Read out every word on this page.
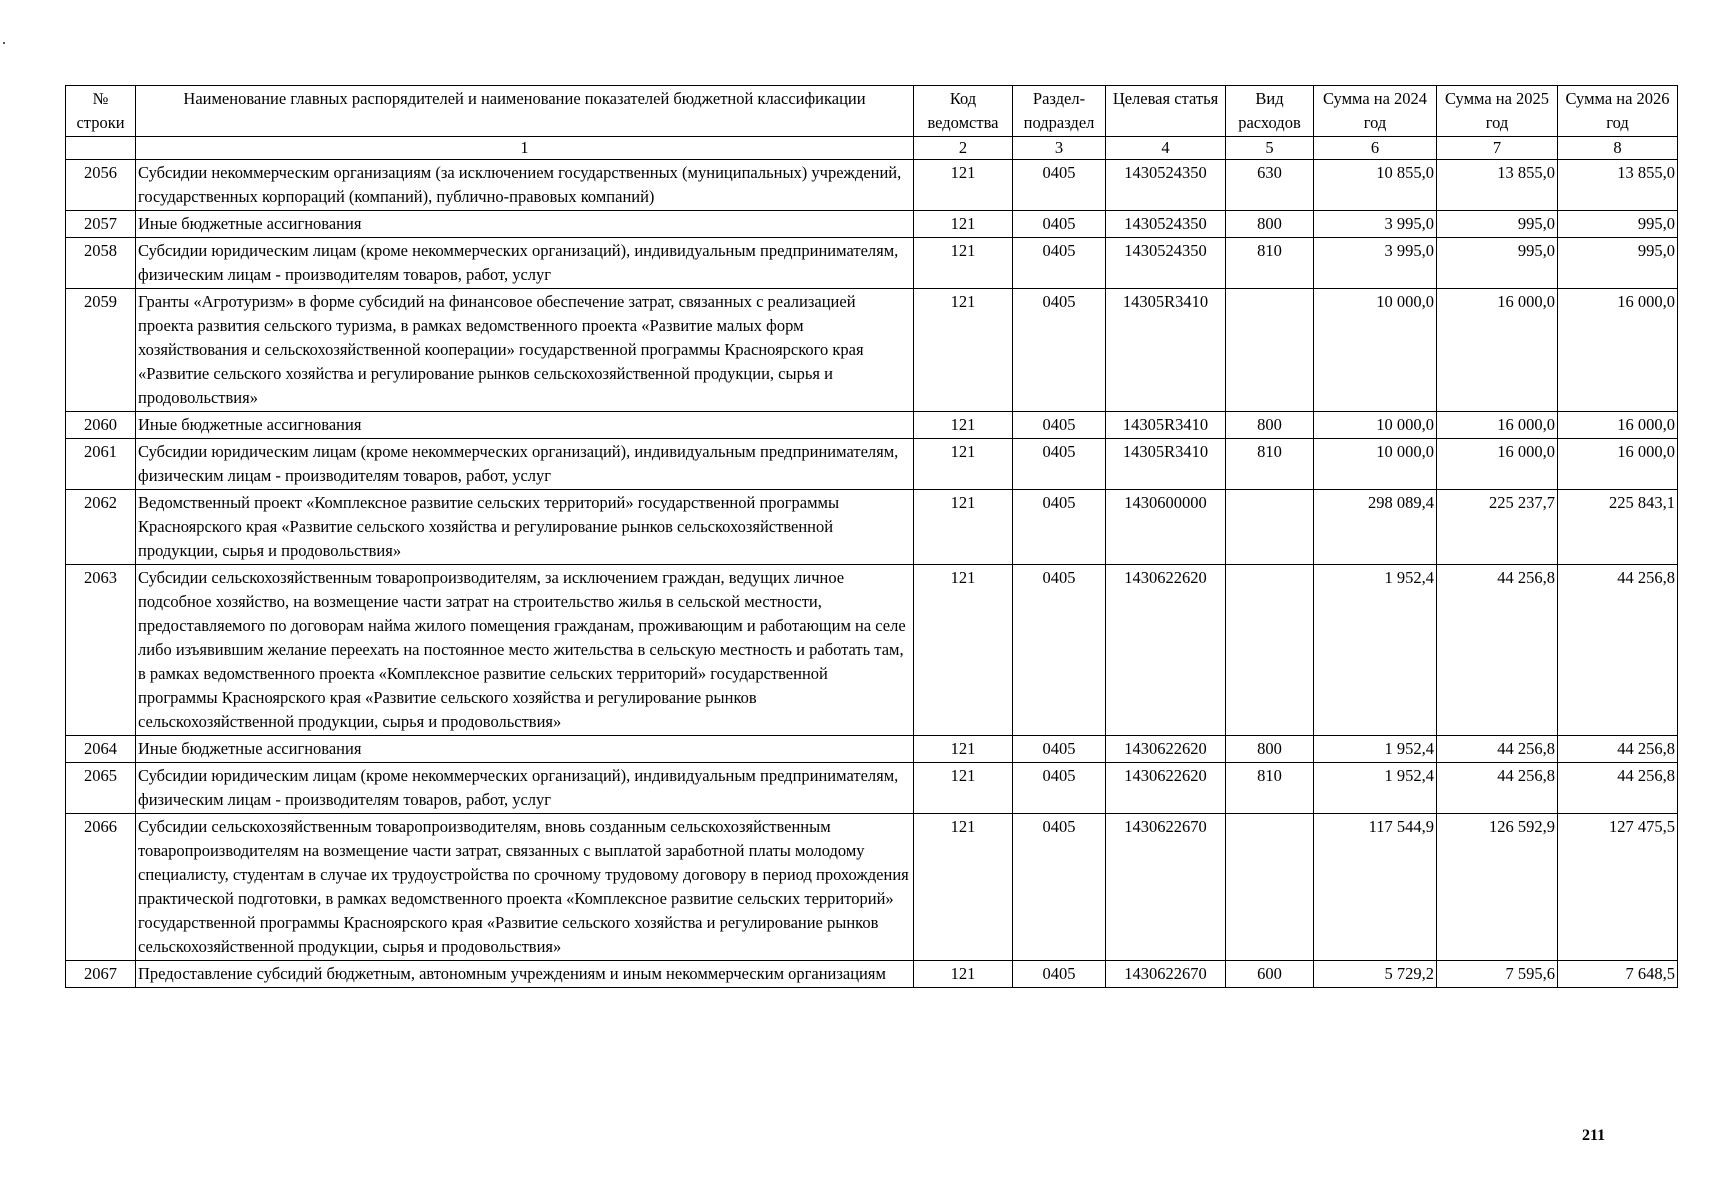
№ строки	Наименование главных распорядителей и наименование показателей бюджетной классификации	Код ведомства	Раздел-подраздел	Целевая статья	Вид расходов	Сумма на 2024 год	Сумма на 2025 год	Сумма на 2026 год
	1	2	3	4	5	6	7	8
2056	Субсидии некоммерческим организациям (за исключением государственных (муниципальных) учреждений, государственных корпораций (компаний), публично-правовых компаний)	121	0405	1430524350	630	10 855,0	13 855,0	13 855,0
2057	Иные бюджетные ассигнования	121	0405	1430524350	800	3 995,0	995,0	995,0
2058	Субсидии юридическим лицам (кроме некоммерческих организаций), индивидуальным предпринимателям, физическим лицам - производителям товаров, работ, услуг	121	0405	1430524350	810	3 995,0	995,0	995,0
2059	Гранты «Агротуризм» в форме субсидий на финансовое обеспечение затрат, связанных с реализацией проекта развития сельского туризма, в рамках ведомственного проекта «Развитие малых форм хозяйствования и сельскохозяйственной кооперации» государственной программы Красноярского края «Развитие сельского хозяйства и регулирование рынков сельскохозяйственной продукции, сырья и продовольствия»	121	0405	14305R3410		10 000,0	16 000,0	16 000,0
2060	Иные бюджетные ассигнования	121	0405	14305R3410	800	10 000,0	16 000,0	16 000,0
2061	Субсидии юридическим лицам (кроме некоммерческих организаций), индивидуальным предпринимателям, физическим лицам - производителям товаров, работ, услуг	121	0405	14305R3410	810	10 000,0	16 000,0	16 000,0
2062	Ведомственный проект «Комплексное развитие сельских территорий» государственной программы Красноярского края «Развитие сельского хозяйства и регулирование рынков сельскохозяйственной продукции, сырья и продовольствия»	121	0405	1430600000		298 089,4	225 237,7	225 843,1
2063	Субсидии сельскохозяйственным товаропроизводителям, за исключением граждан, ведущих личное подсобное хозяйство, на возмещение части затрат на строительство жилья в сельской местности, предоставляемого по договорам найма жилого помещения гражданам, проживающим и работающим на селе либо изъявившим желание переехать на постоянное место жительства в сельскую местность и работать там, в рамках ведомственного проекта «Комплексное развитие сельских территорий» государственной программы Красноярского края «Развитие сельского хозяйства и регулирование рынков сельскохозяйственной продукции, сырья и продовольствия»	121	0405	1430622620		1 952,4	44 256,8	44 256,8
2064	Иные бюджетные ассигнования	121	0405	1430622620	800	1 952,4	44 256,8	44 256,8
2065	Субсидии юридическим лицам (кроме некоммерческих организаций), индивидуальным предпринимателям, физическим лицам - производителям товаров, работ, услуг	121	0405	1430622620	810	1 952,4	44 256,8	44 256,8
2066	Субсидии сельскохозяйственным товаропроизводителям, вновь созданным сельскохозяйственным товаропроизводителям на возмещение части затрат, связанных с выплатой заработной платы молодому специалисту, студентам в случае их трудоустройства по срочному трудовому договору в период прохождения практической подготовки, в рамках ведомственного проекта «Комплексное развитие сельских территорий» государственной программы Красноярского края «Развитие сельского хозяйства и регулирование рынков сельскохозяйственной продукции, сырья и продовольствия»	121	0405	1430622670		117 544,9	126 592,9	127 475,5
2067	Предоставление субсидий бюджетным, автономным учреждениям и иным некоммерческим организациям	121	0405	1430622670	600	5 729,2	7 595,6	7 648,5
211
